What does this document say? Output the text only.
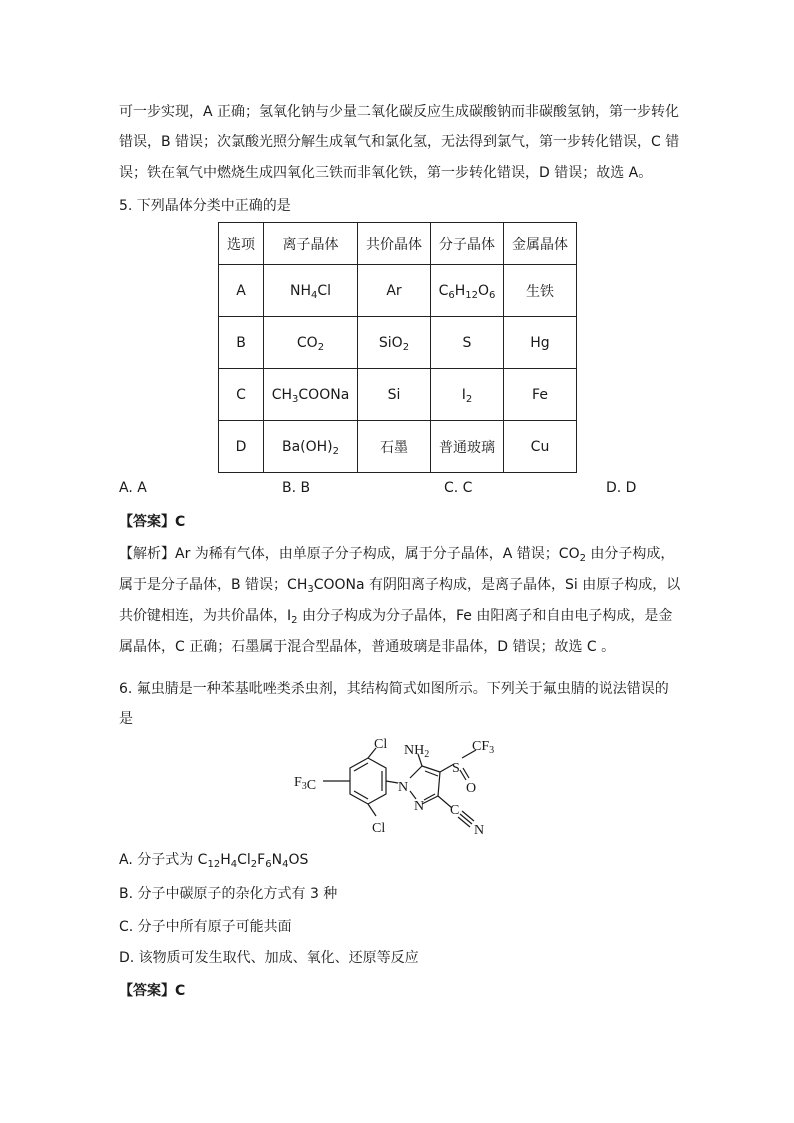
可一步实现，A 正确；氢氧化钠与少量二氧化碳反应生成碳酸钠而非碳酸氢钠，第一步转化
错误，B 错误；次氯酸光照分解生成氧气和氯化氢，无法得到氯气，第一步转化错误，C 错
误；铁在氧气中燃烧生成四氧化三铁而非氧化铁，第一步转化错误，D 错误；故选 A。
5. 下列晶体分类中正确的是
选项	离子晶体	共价晶体	分子晶体	金属晶体
A	$NH_4Cl$	Ar	$C_6H_{12}O_6$	生铁
B	$CO_2$	SiO$_2$	S	Hg
C	$CH_3COONa$	Si	$I_2$	Fe
D	$Ba(OH)_2$	石墨	普通玻璃	Cu
A. A	B. B	C. C	D. D
【答案】C
【解析】Ar 为稀有气体，由单原子分子构成，属于分子晶体，A 错误；$CO_2$ 由分子构成，
属于是分子晶体，B 错误；$CH_3COONa$ 有阴阳离子构成，是离子晶体，Si 由原子构成，以
共价键相连，为共价晶体，$I_2$ 由分子构成为分子晶体，Fe 由阳离子和自由电子构成，是金
属晶体，C 正确；石墨属于混合型晶体，普通玻璃是非晶体，D 错误；故选 C 。
6. 氟虫腈是一种苯基吡唑类杀虫剂，其结构简式如图所示。下列关于氟虫腈的说法错误的
是
Cl $NH_2$
$CF_3$
S
O
$F_3C$	N
N C
N
Cl
A. 分子式为 $C_{12}H_4Cl_2F_6N_4OS$
B. 分子中碳原子的杂化方式有 3 种
C. 分子中所有原子可能共面
D. 该物质可发生取代、加成、氧化、还原等反应
【答案】C
